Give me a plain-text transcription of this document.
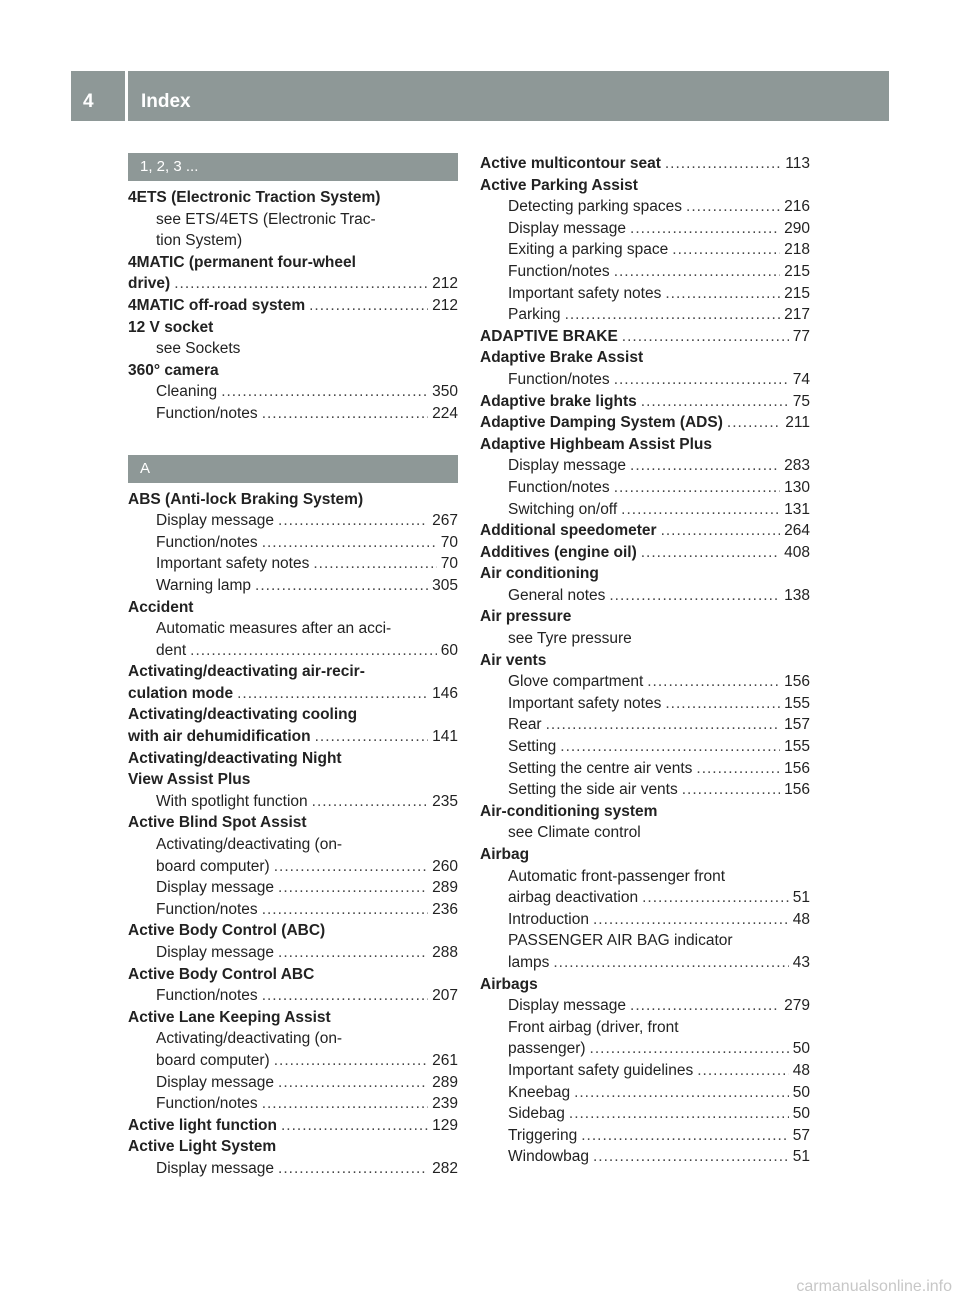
4 Index
1, 2, 3 ...
4ETS (Electronic Traction System)
see ETS/4ETS (Electronic Trac-
tion System)
4MATIC (permanent four-wheel
drive) .....	212
4MATIC off-road system .....	212
12 V socket
see Sockets
360° camera
Cleaning .....	350
Function/notes .....	224
A
ABS (Anti-lock Braking System)
Display message .....	267
Function/notes .....	70
Important safety notes .....	70
Warning lamp .....	305
Accident
Automatic measures after an acci-
dent .....	60
Activating/deactivating air-recir-
culation mode .....	146
Activating/deactivating cooling
with air dehumidification .....	141
Activating/deactivating Night
View Assist Plus
With spotlight function .....	235
Active Blind Spot Assist
Activating/deactivating (on-
board computer) .....	260
Display message .....	289
Function/notes .....	236
Active Body Control (ABC)
Display message .....	288
Active Body Control ABC
Function/notes .....	207
Active Lane Keeping Assist
Activating/deactivating (on-
board computer) .....	261
Display message .....	289
Function/notes .....	239
Active light function .....	129
Active Light System
Display message .....	282
Active multicontour seat .....	113
Active Parking Assist
Detecting parking spaces .....	216
Display message .....	290
Exiting a parking space .....	218
Function/notes .....	215
Important safety notes .....	215
Parking .....	217
ADAPTIVE BRAKE .....	77
Adaptive Brake Assist
Function/notes .....	74
Adaptive brake lights .....	75
Adaptive Damping System (ADS) .....	211
Adaptive Highbeam Assist Plus
Display message .....	283
Function/notes .....	130
Switching on/off .....	131
Additional speedometer .....	264
Additives (engine oil) .....	408
Air conditioning
General notes .....	138
Air pressure
see Tyre pressure
Air vents
Glove compartment .....	156
Important safety notes .....	155
Rear .....	157
Setting .....	155
Setting the centre air vents .....	156
Setting the side air vents .....	156
Air-conditioning system
see Climate control
Airbag
Automatic front-passenger front
airbag deactivation .....	51
Introduction .....	48
PASSENGER AIR BAG indicator
lamps .....	43
Airbags
Display message .....	279
Front airbag (driver, front
passenger) .....	50
Important safety guidelines .....	48
Kneebag .....	50
Sidebag .....	50
Triggering .....	57
Windowbag .....	51
carmanualsonline.info
